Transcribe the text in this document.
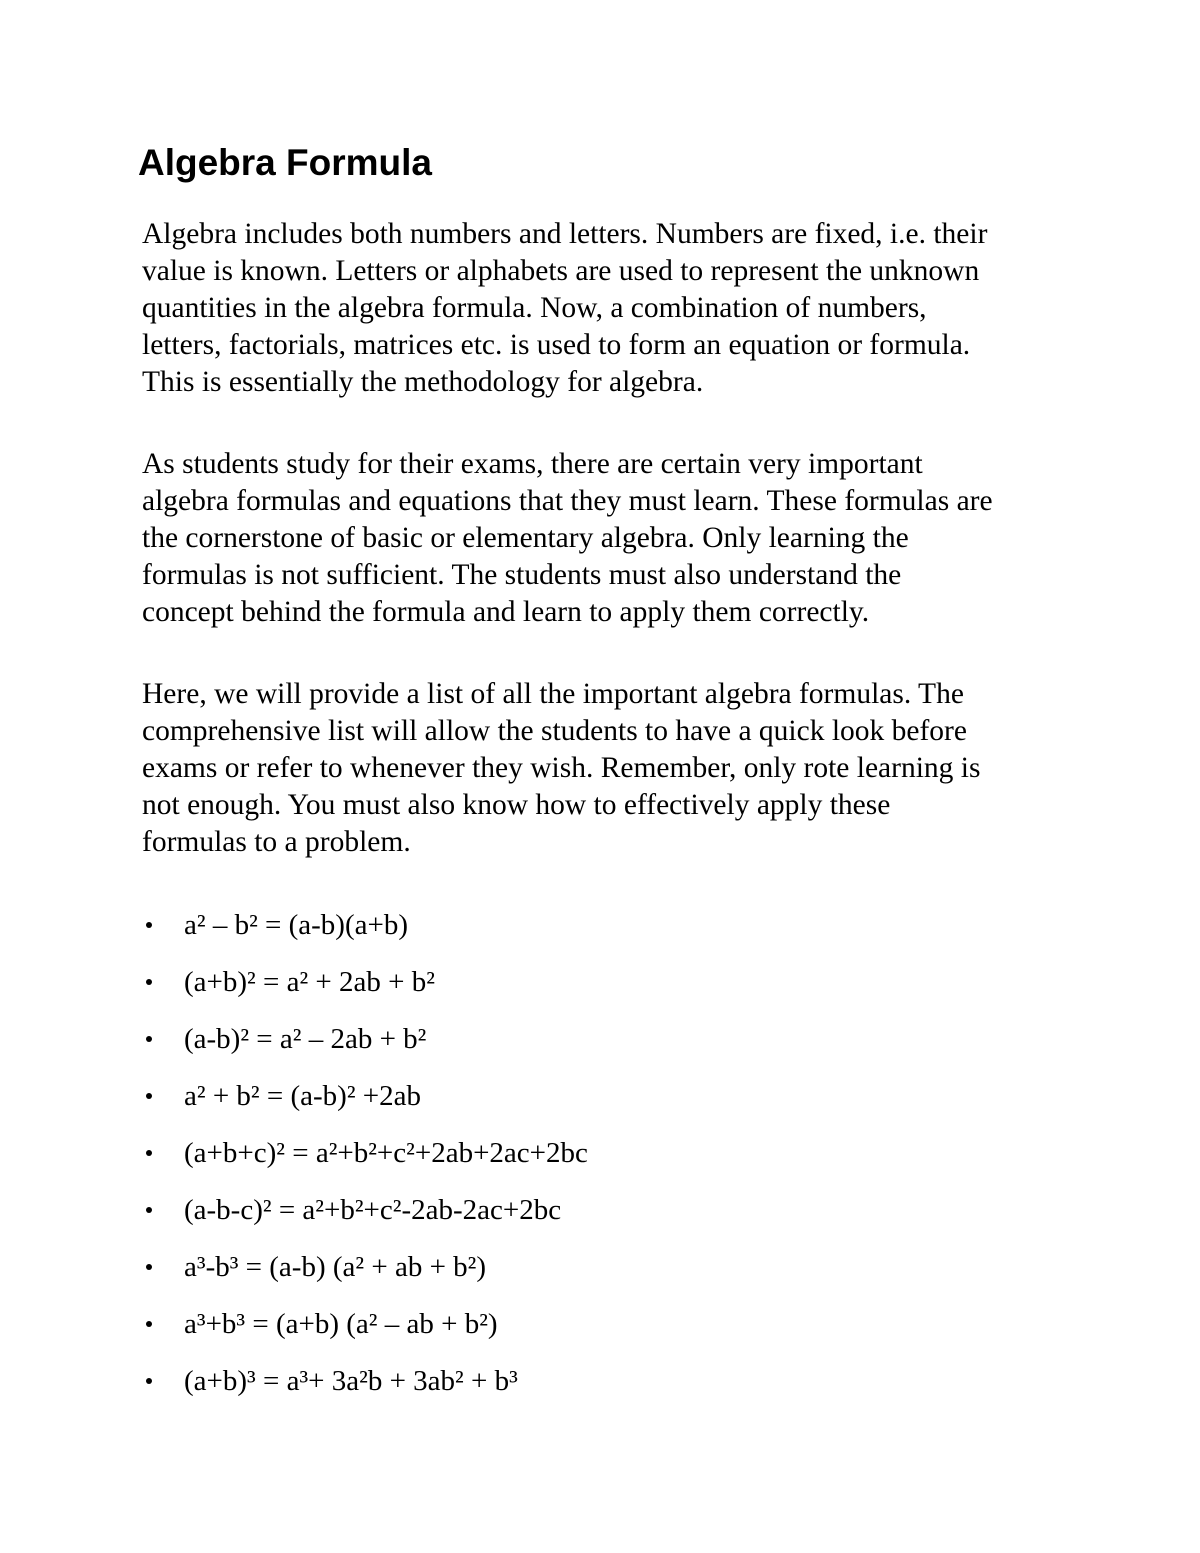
Algebra Formula

Algebra includes both numbers and letters. Numbers are fixed, i.e. their
value is known. Letters or alphabets are used to represent the unknown
quantities in the algebra formula. Now, a combination of numbers,
letters, factorials, matrices etc. is used to form an equation or formula.
This is essentially the methodology for algebra.

As students study for their exams, there are certain very important
algebra formulas and equations that they must learn. These formulas are
the cornerstone of basic or elementary algebra. Only learning the
formulas is not sufficient. The students must also understand the
concept behind the formula and learn to apply them correctly.

Here, we will provide a list of all the important algebra formulas. The
comprehensive list will allow the students to have a quick look before
exams or refer to whenever they wish. Remember, only rote learning is
not enough. You must also know how to effectively apply these
formulas to a problem.

a² – b² = (a-b)(a+b)
(a+b)² = a² + 2ab + b²
(a-b)² = a² – 2ab + b²
a² + b² = (a-b)² +2ab
(a+b+c)² = a²+b²+c²+2ab+2ac+2bc
(a-b-c)² = a²+b²+c²-2ab-2ac+2bc
a³-b³ = (a-b) (a² + ab + b²)
a³+b³ = (a+b) (a² – ab + b²)
(a+b)³ = a³+ 3a²b + 3ab² + b³
